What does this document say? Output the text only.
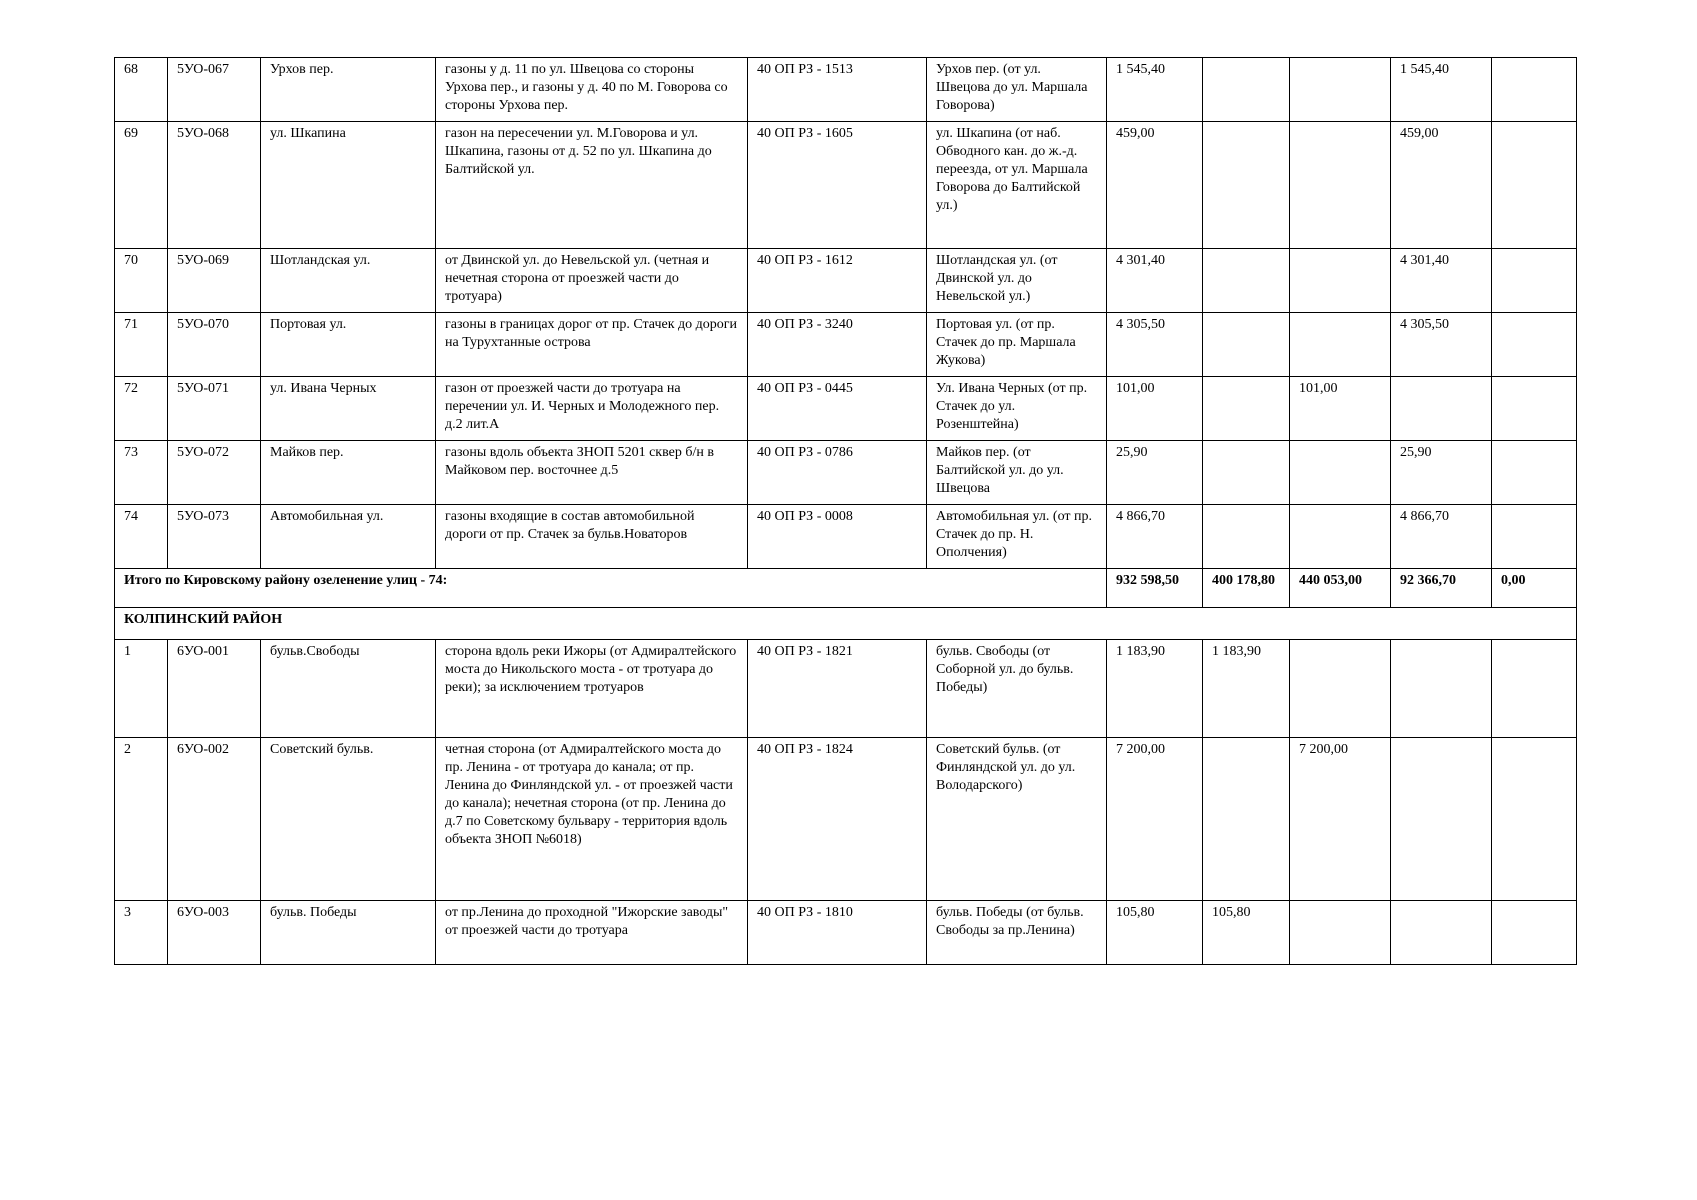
68	5УО-067	Урхов пер.	газоны у д. 11 по ул. Швецова со стороны Урхова пер., и газоны у д. 40 по М. Говорова со стороны Урхова пер.	40 ОП РЗ - 1513	Урхов пер. (от ул. Швецова до ул. Маршала Говорова)	1 545,40			1 545,40	
69	5УО-068	ул. Шкапина	газон на пересечении ул. М.Говорова и ул. Шкапина, газоны от д. 52 по ул. Шкапина до Балтийской ул.	40 ОП РЗ - 1605	ул. Шкапина (от наб. Обводного кан. до ж.-д. переезда, от ул. Маршала Говорова до Балтийской ул.)	459,00			459,00	
70	5УО-069	Шотландская ул.	от Двинской ул. до Невельской ул. (четная и нечетная сторона от проезжей части до тротуара)	40 ОП РЗ - 1612	Шотландская ул. (от Двинской ул. до Невельской ул.)	4 301,40			4 301,40	
71	5УО-070	Портовая ул.	газоны в границах дорог от пр. Стачек до дороги на Турухтанные острова	40 ОП РЗ - 3240	Портовая ул. (от пр. Стачек до пр. Маршала Жукова)	4 305,50			4 305,50	
72	5УО-071	ул. Ивана Черных	газон от проезжей части до тротуара на перечении ул. И. Черных и Молодежного пер. д.2 лит.А	40 ОП РЗ - 0445	Ул. Ивана Черных (от пр. Стачек до ул. Розенштейна)	101,00		101,00		
73	5УО-072	Майков пер.	газоны вдоль объекта ЗНОП 5201 сквер б/н в Майковом пер. восточнее д.5	40 ОП РЗ - 0786	Майков пер. (от Балтийской ул. до ул. Швецова	25,90			25,90	
74	5УО-073	Автомобильная ул.	газоны входящие в состав автомобильной дороги от пр. Стачек за бульв.Новаторов	40 ОП РЗ - 0008	Автомобильная ул. (от пр. Стачек до пр. Н. Ополчения)	4 866,70			4 866,70	
Итого по Кировскому району озеленение улиц - 74:						932 598,50	400 178,80	440 053,00	92 366,70	0,00
КОЛПИНСКИЙ РАЙОН										
1	6УО-001	бульв.Свободы	сторона вдоль реки Ижоры (от Адмиралтейского моста до Никольского моста - от тротуара до реки); за исключением тротуаров	40 ОП РЗ - 1821	бульв. Свободы (от Соборной ул. до бульв. Победы)	1 183,90	1 183,90			
2	6УО-002	Советский бульв.	четная сторона (от Адмиралтейского моста до пр. Ленина - от тротуара до канала; от пр. Ленина до Финляндской ул. - от проезжей части до канала); нечетная сторона (от пр. Ленина до д.7 по Советскому бульвару - территория вдоль объекта ЗНОП №6018)	40 ОП РЗ - 1824	Советский бульв. (от Финляндской ул. до ул. Володарского)	7 200,00		7 200,00		
3	6УО-003	бульв. Победы	от пр.Ленина до проходной "Ижорские заводы" от проезжей части до тротуара	40 ОП РЗ - 1810	бульв. Победы (от бульв. Свободы за пр.Ленина)	105,80	105,80			
